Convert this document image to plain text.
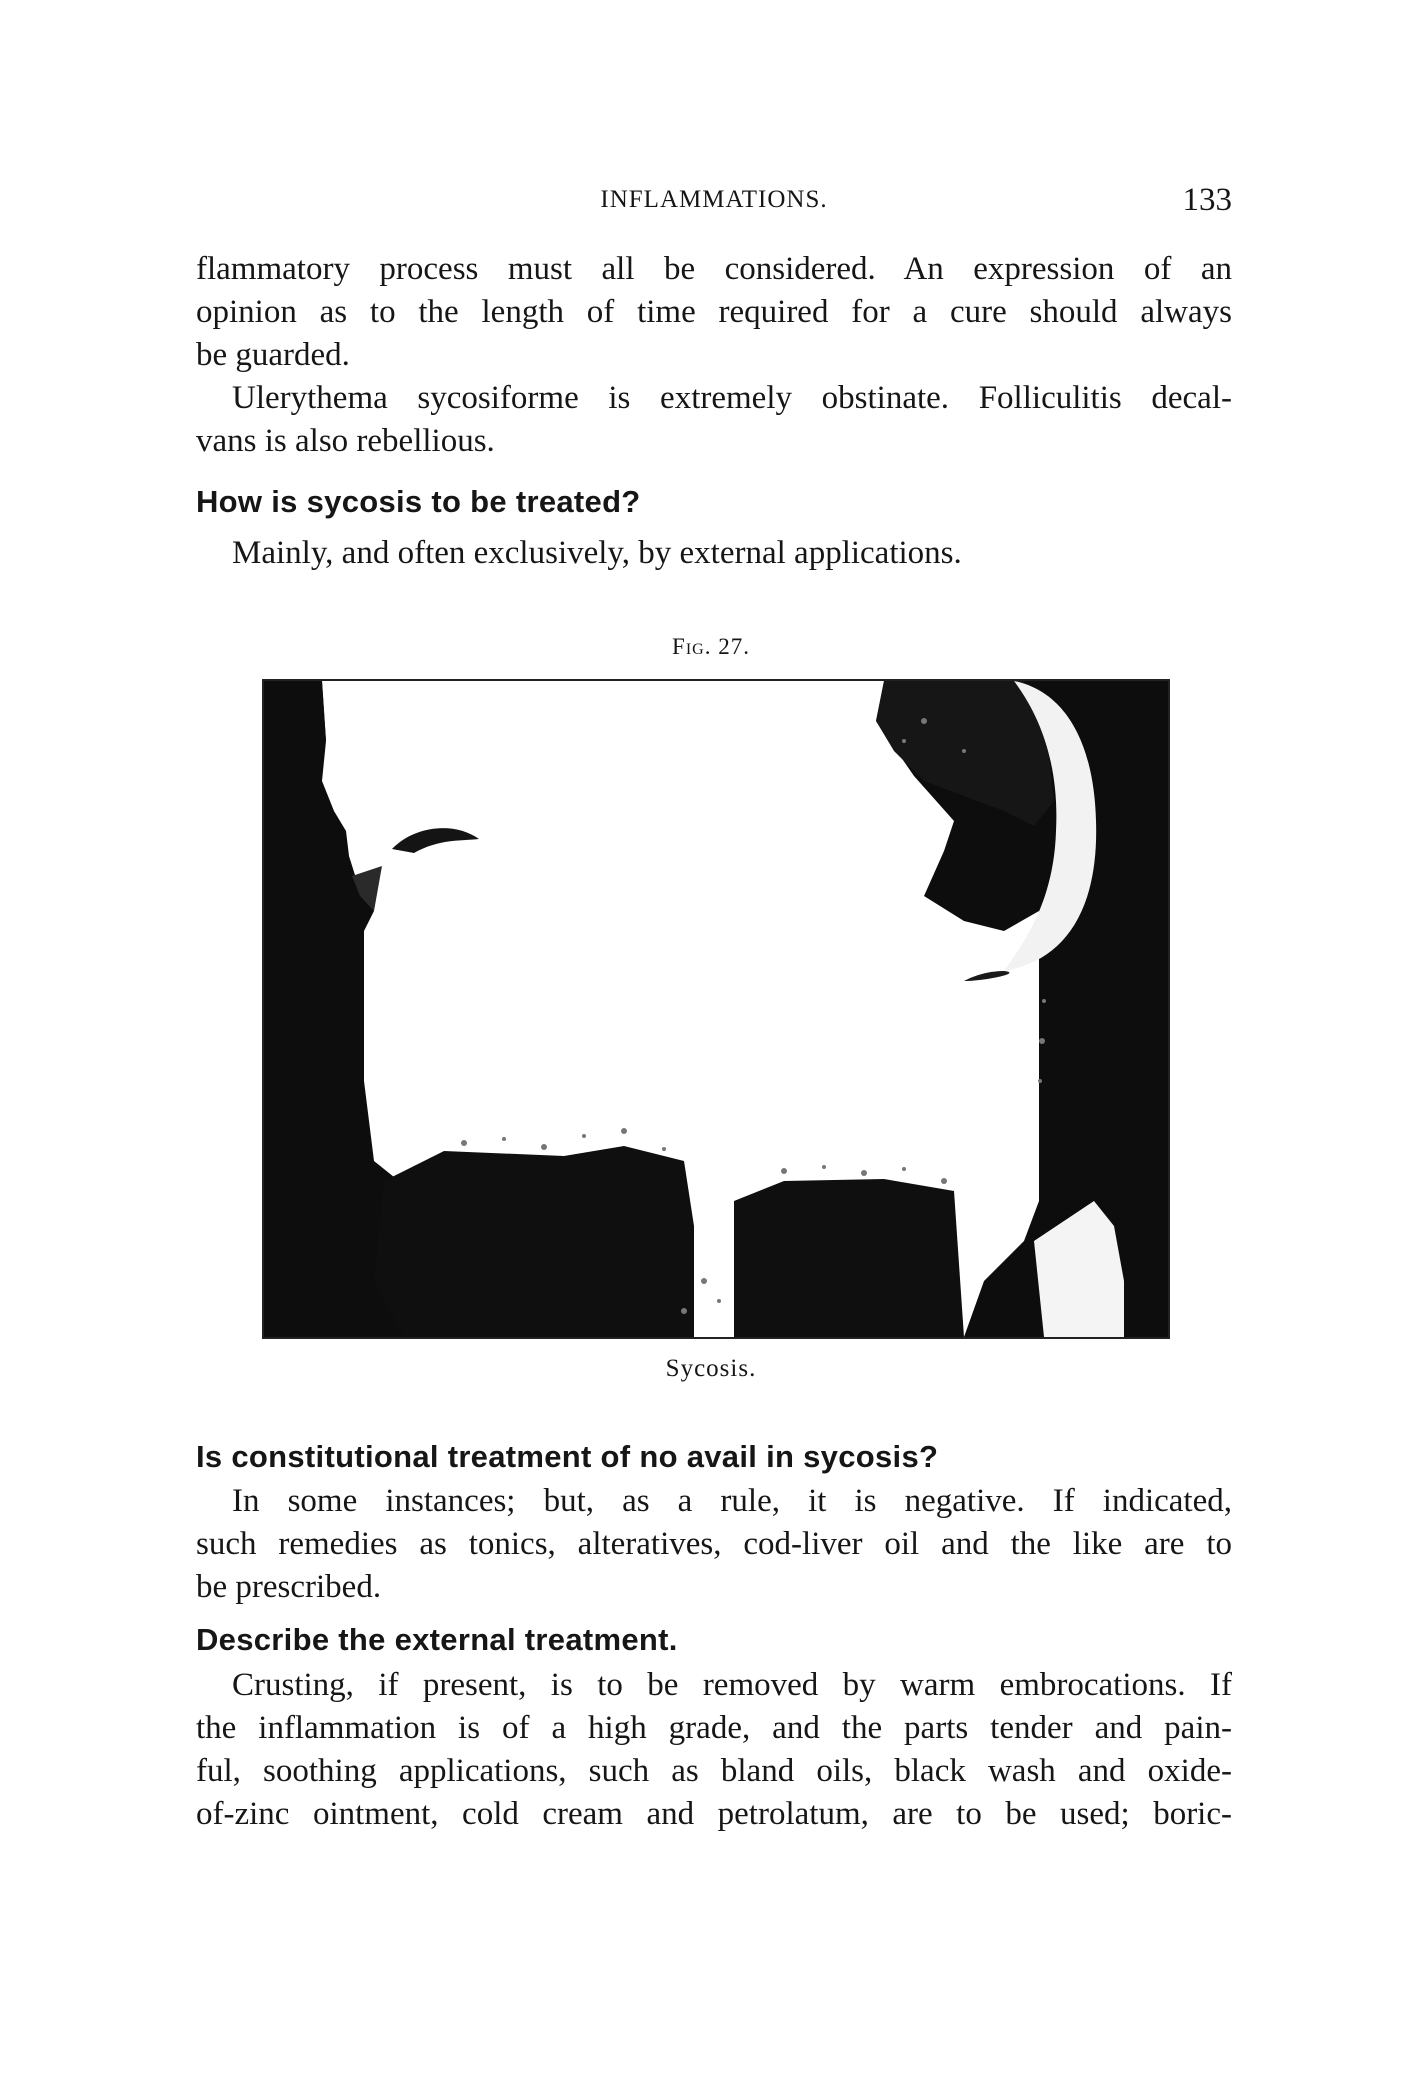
INFLAMMATIONS.	133
flammatory process must all be considered. An expression of an
opinion as to the length of time required for a cure should always
be guarded.
Ulerythema sycosiforme is extremely obstinate. Folliculitis decal-
vans is also rebellious.
How is sycosis to be treated?
Mainly, and often exclusively, by external applications.
Fig. 27.
Sycosis.
Is constitutional treatment of no avail in sycosis?
In some instances; but, as a rule, it is negative. If indicated,
such remedies as tonics, alteratives, cod-liver oil and the like are to
be prescribed.
Describe the external treatment.
Crusting, if present, is to be removed by warm embrocations. If
the inflammation is of a high grade, and the parts tender and pain-
ful, soothing applications, such as bland oils, black wash and oxide-
of-zinc ointment, cold cream and petrolatum, are to be used; boric-
